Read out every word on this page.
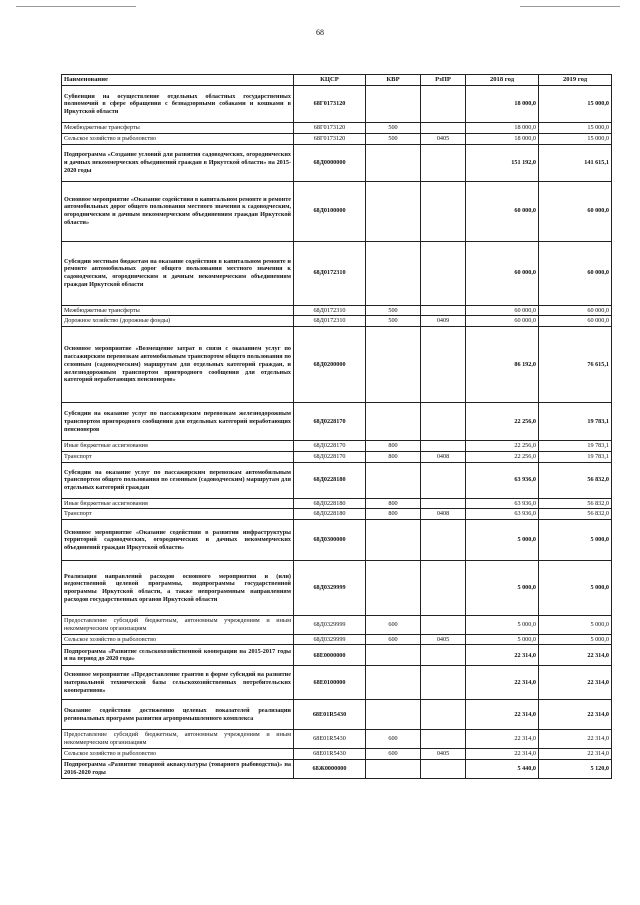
68
Наименование	КЦСР	КВР	РзПР	2018 год	2019 год
Субвенции на осуществление отдельных областных государственных полномочий в сфере обращения с безнадзорными собаками и кошками в Иркутской области	68Г0173120			18 000,0	15 000,0
Межбюджетные трансферты	68Г0173120	500		18 000,0	15 000,0
Сельское хозяйство и рыболовство	68Г0173120	500	0405	18 000,0	15 000,0
Подпрограмма «Создание условий для развития садоводческих, огороднических и дачных некоммерческих объединений граждан в Иркутской области» на 2015-2020 годы	68Д0000000			151 192,0	141 615,1
Основное мероприятие «Оказание содействия в капитальном ремонте и ремонте автомобильных дорог общего пользования местного значения к садоводческим, огородническим и дачным некоммерческим объединениям граждан Иркутской области»	68Д0100000			60 000,0	60 000,0
Субсидии местным бюджетам на оказание содействия в капитальном ремонте и ремонте автомобильных дорог общего пользования местного значения к садоводческим, огородническим и дачным некоммерческим объединениям граждан Иркутской области	68Д0172310			60 000,0	60 000,0
Межбюджетные трансферты	68Д0172310	500		60 000,0	60 000,0
Дорожное хозяйство (дорожные фонды)	68Д0172310	500	0409	60 000,0	60 000,0
Основное мероприятие «Возмещение затрат в связи с оказанием услуг по пассажирским перевозкам автомобильным транспортом общего пользования по сезонным (садоводческим) маршрутам для отдельных категорий граждан, и железнодорожным транспортом пригородного сообщения для отдельных категорий неработающих пенсионеров»	68Д0200000			86 192,0	76 615,1
Субсидии на оказание услуг по пассажирским перевозкам железнодорожным транспортом пригородного сообщения для отдельных категорий неработающих пенсионеров	68Д0228170			22 256,0	19 783,1
Иные бюджетные ассигнования	68Д0228170	800		22 256,0	19 783,1
Транспорт	68Д0228170	800	0408	22 256,0	19 783,1
Субсидии на оказание услуг по пассажирским перевозкам автомобильным транспортом общего пользования по сезонным (садоводческим) маршрутам для отдельных категорий граждан	68Д0228180			63 936,0	56 832,0
Иные бюджетные ассигнования	68Д0228180	800		63 936,0	56 832,0
Транспорт	68Д0228180	800	0408	63 936,0	56 832,0
Основное мероприятие «Оказание содействия в развитии инфраструктуры территорий садоводческих, огороднических и дачных некоммерческих объединений граждан Иркутской области»	68Д0300000			5 000,0	5 000,0
Реализация направлений расходов основного мероприятия и (или) ведомственной целевой программы, подпрограммы государственной программы Иркутской области, а также непрограммным направлениям расходов государственных органов Иркутской области	68Д0329999			5 000,0	5 000,0
Предоставление субсидий бюджетным, автономным учреждениям и иным некоммерческим организациям	68Д0329999	600		5 000,0	5 000,0
Сельское хозяйство и рыболовство	68Д0329999	600	0405	5 000,0	5 000,0
Подпрограмма «Развитие сельскохозяйственной кооперации на 2015-2017 годы и на период до 2020 года»	68Е0000000			22 314,0	22 314,0
Основное мероприятие «Предоставление грантов в форме субсидий на развитие материальной технической базы сельскохозяйственных потребительских кооперативов»	68Е0100000			22 314,0	22 314,0
Оказание содействия достижению целевых показателей реализации региональных программ развития агропромышленного комплекса	68Е01R5430			22 314,0	22 314,0
Предоставление субсидий бюджетным, автономным учреждениям и иным некоммерческим организациям	68Е01R5430	600		22 314,0	22 314,0
Сельское хозяйство и рыболовство	68Е01R5430	600	0405	22 314,0	22 314,0
Подпрограмма «Развитие товарной аквакультуры (товарного рыбоводства)» на 2016-2020 годы	68Ж0000000			5 440,0	5 120,0
